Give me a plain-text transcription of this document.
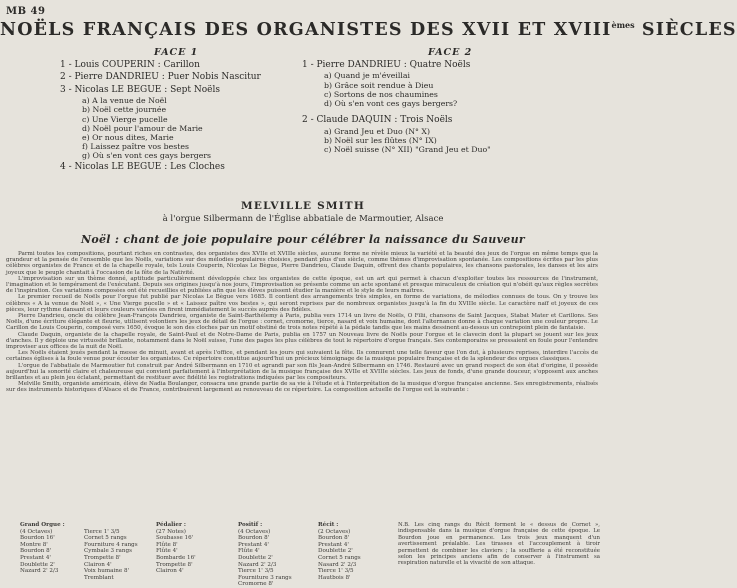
MB 49
NOËLS FRANÇAIS DES ORGANISTES DES XVII ET XVIIIèmes SIÈCLES
FACE 1	FACE 2
1 - Louis COUPERIN : Carillon
2 - Pierre DANDRIEU : Puer Nobis Nascitur
3 - Nicolas LE BEGUE : Sept Noëls
a) A la venue de Noël
b) Noël cette journée
c) Une Vierge pucelle
d) Noël pour l'amour de Marie
e) Or nous dites, Marie
f) Laissez paître vos bestes
g) Où s'en vont ces gays bergers
4 - Nicolas LE BEGUE : Les Cloches
1 - Pierre DANDRIEU : Quatre Noëls
a) Quand je m'éveillai
b) Grâce soit rendue à Dieu
c) Sortons de nos chaumines
d) Où s'en vont ces gays bergers?
2 - Claude DAQUIN : Trois Noëls
a) Grand Jeu et Duo (N° X)
b) Noël sur les flûtes (N° IX)
c) Noël suisse (N° XII) "Grand Jeu et Duo"
MELVILLE SMITH
à l'orgue Silbermann de l'Église abbatiale de Marmoutier, Alsace
Noël : chant de joie populaire pour célébrer la naissance du Sauveur

Parmi toutes les compositions, pourtant riches en contrastes, des organistes des XVIIe et XVIIIe siècles, aucune forme ne révèle mieux la variété et la beauté des jeux de l'orgue en même temps que la grandeur et la pensée de l'ensemble que les Noëls, variations sur des mélodies populaires choisies, pendant plus d'un siècle, comme thèmes d'improvisation spontanée. Les compositions écrites par les plus célèbres organistes de France et de la chapelle royale, tels Louis Couperin, Nicolas Le Bègue, Pierre Dandrieu, Claude Daquin, offrent des chants populaires, les chansons pastorales, les danses et les airs joyeux que le peuple chantait à l'occasion de la fête de la Nativité.

L'improvisation sur un thème donné, aptitude particulièrement développée chez les organistes de cette époque, est un art qui permet à chacun d'exploiter toutes les ressources de l'instrument, l'imagination et le tempérament de l'exécutant. Depuis ses origines jusqu'à nos jours, l'improvisation se présente comme un acte spontané et presque miraculeux de création qui n'obéit qu'aux règles secrètes de l'inspiration. Ces variations composées ont été recueillies et publiées afin que les élèves puissent étudier la manière et le style de leurs maîtres.

Le premier recueil de Noëls pour l'orgue fut publié par Nicolas Le Bègue vers 1685. Il contient des arrangements très simples, en forme de variations, de mélodies connues de tous. On y trouve les célèbres « A la venue de Noël », « Une Vierge pucelle » et « Laissez paître vos bestes », qui seront reprises par de nombreux organistes jusqu'à la fin du XVIIIe siècle. Le caractère naïf et joyeux de ces pièces, leur rythme dansant et leurs couleurs variées en firent immédiatement le succès auprès des fidèles.

Pierre Dandrieu, oncle du célèbre Jean-François Dandrieu, organiste de Saint-Barthélemy à Paris, publia vers 1714 un livre de Noëls, O Filii, chansons de Saint Jacques, Stabat Mater et Carillons. Ses Noëls, d'une écriture élégante et fleurie, utilisent volontiers les jeux de détail de l'orgue : cornet, cromorne, tierce, nasard et voix humaine, dont l'alternance donne à chaque variation une couleur propre. Le Carillon de Louis Couperin, composé vers 1650, évoque le son des cloches par un motif obstiné de trois notes répété à la pédale tandis que les mains dessinent au-dessus un contrepoint plein de fantaisie.

Claude Daquin, organiste de la chapelle royale, de Saint-Paul et de Notre-Dame de Paris, publia en 1757 un Nouveau livre de Noëls pour l'orgue et le clavecin dont la plupart se jouent sur les jeux d'anches. Il y déploie une virtuosité brillante, notamment dans le Noël suisse, l'une des pages les plus célèbres de tout le répertoire d'orgue français. Ses contemporains se pressaient en foule pour l'entendre improviser aux offices de la nuit de Noël.

Les Noëls étaient joués pendant la messe de minuit, avant et après l'office, et pendant les jours qui suivaient la fête. Ils connurent une telle faveur que l'on dut, à plusieurs reprises, interdire l'accès de certaines églises à la foule venue pour écouter les organistes. Ce répertoire constitue aujourd'hui un précieux témoignage de la musique populaire française et de la splendeur des orgues classiques.

L'orgue de l'abbatiale de Marmoutier fut construit par André Silbermann en 1710 et agrandi par son fils Jean-André Silbermann en 1746. Restauré avec un grand respect de son état d'origine, il possède aujourd'hui la sonorité claire et chaleureuse qui convient parfaitement à l'interprétation de la musique française des XVIIe et XVIIIe siècles. Les jeux de fonds, d'une grande douceur, s'opposent aux anches brillantes et au plein jeu éclatant, permettant de restituer avec fidélité les registrations indiquées par les compositeurs.

Melville Smith, organiste américain, élève de Nadia Boulanger, consacra une grande partie de sa vie à l'étude et à l'interprétation de la musique d'orgue française ancienne. Ses enregistrements, réalisés sur des instruments historiques d'Alsace et de France, contribuèrent largement au renouveau de ce répertoire. La composition actuelle de l'orgue est la suivante :

Grand Orgue :
(4 Octaves)
Bourdon 16'
Montre 8'
Bourdon 8'
Prestant 4'
Doublette 2'
Nazard 2' 2/3

Tierce 1' 3/5
Cornet 5 rangs
Fourniture 4 rangs
Cymbale 3 rangs
Trompette 8'
Clairon 4'
Voix humaine 8'
Tremblant
Pédalier :
(27 Notes)
Soubasse 16'
Flûte 8'
Flûte 4'
Bombarde 16'
Trompette 8'
Clairon 4'
Positif :
(4 Octaves)
Bourdon 8'
Prestant 4'
Flûte 4'
Doublette 2'
Nazard 2' 2/3
Tierce 1' 3/5
Fourniture 3 rangs
Cromorne 8'
Récit :
(2 Octaves)
Bourdon 8'
Prestant 4'
Doublette 2'
Cornet 5 rangs
Nasard 2' 2/3
Tierce 1' 3/5
Hautbois 8'
N.B. Les cinq rangs du Récit forment le « dessus de Cornet », indispensable dans la musique d'orgue française de cette époque. Le Bourdon joue en permanence. Les trois jeux manquent d'un avertissement préalable. Les tirasses et l'accouplement à tiroir permettent de combiner les claviers ; la soufflerie a été reconstituée selon les principes anciens afin de conserver à l'instrument sa respiration naturelle et la vivacité de son attaque.
